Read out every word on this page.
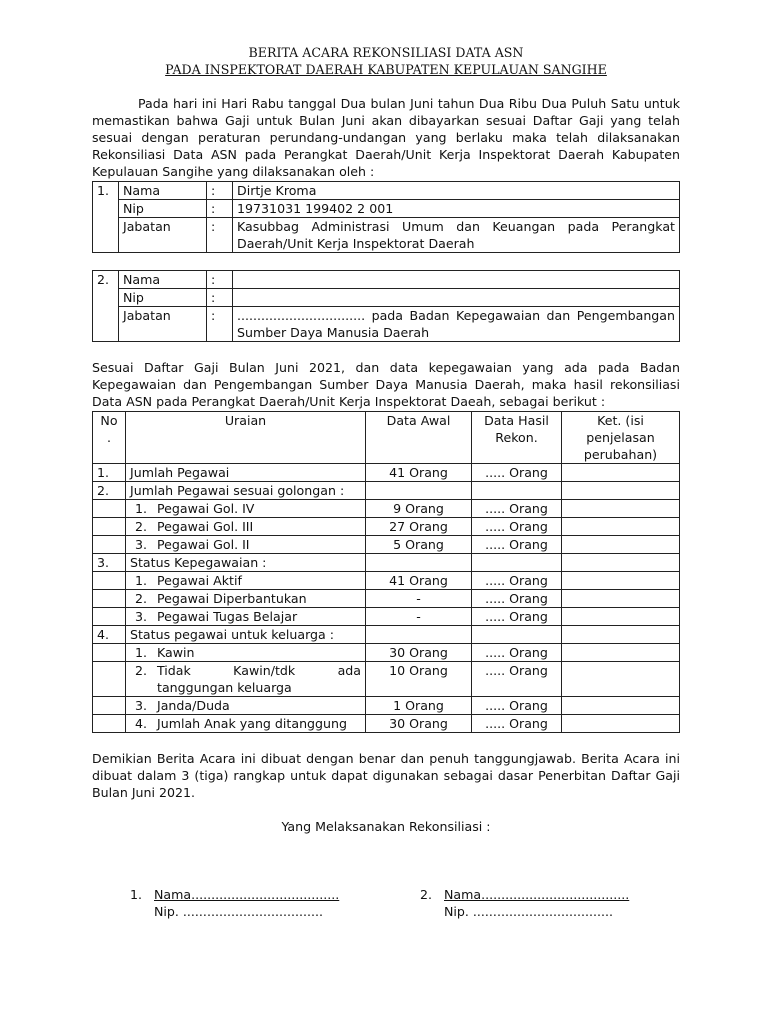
BERITA ACARA REKONSILIASI DATA ASN
PADA INSPEKTORAT DAERAH KABUPATEN KEPULAUAN SANGIHE

Pada hari ini Hari Rabu tanggal Dua bulan Juni tahun Dua Ribu Dua Puluh Satu untuk memastikan bahwa Gaji untuk Bulan Juni akan dibayarkan sesuai Daftar Gaji yang telah sesuai dengan peraturan perundang-undangan yang berlaku maka telah dilaksanakan Rekonsiliasi Data ASN pada Perangkat Daerah/Unit Kerja Inspektorat Daerah Kabupaten Kepulauan Sangihe yang dilaksanakan oleh :

1.	Nama	:	Dirtje Kroma
	Nip	:	19731031 199402 2 001
	Jabatan	:	Kasubbag Administrasi Umum dan Keuangan pada Perangkat Daerah/Unit Kerja Inspektorat Daerah
2.	Nama	:	
	Nip	:	
	Jabatan	:	................................ pada Badan Kepegawaian dan Pengembangan Sumber Daya Manusia Daerah

Sesuai Daftar Gaji Bulan Juni 2021, dan data kepegawaian yang ada pada Badan Kepegawaian dan Pengembangan Sumber Daya Manusia Daerah, maka hasil rekonsiliasi Data ASN pada Perangkat Daerah/Unit Kerja Inspektorat Daeah, sebagai berikut :

No .	Uraian	Data Awal	Data Hasil Rekon.	Ket. (isi penjelasan perubahan)
1.	Jumlah Pegawai	41 Orang	..... Orang	
2.	Jumlah Pegawai sesuai golongan :			

	1. Pegawai Gol. IV	9 Orang	..... Orang	

	2. Pegawai Gol. III	27 Orang	..... Orang	

	3. Pegawai Gol. II	5 Orang	..... Orang	
3.	Status Kepegawaian :			

	1. Pegawai Aktif	41 Orang	..... Orang	

	2. Pegawai Diperbantukan	-	..... Orang	

	3. Pegawai Tugas Belajar	-	..... Orang	
4.	Status pegawai untuk keluarga :			

	1. Kawin	30 Orang	..... Orang	

	2. Tidak Kawin/tdk ada tanggungan keluarga	10 Orang	..... Orang	

	3. Janda/Duda	1 Orang	..... Orang	

	4. Jumlah Anak yang ditanggung	30 Orang	..... Orang	

Demikian Berita Acara ini dibuat dengan benar dan penuh tanggungjawab. Berita Acara ini dibuat dalam 3 (tiga) rangkap untuk dapat digunakan sebagai dasar Penerbitan Daftar Gaji Bulan Juni 2021.

Yang Melaksanakan Rekonsiliasi :
1. Nama.....................................
Nip. ...................................
2. Nama.....................................
Nip. ...................................
